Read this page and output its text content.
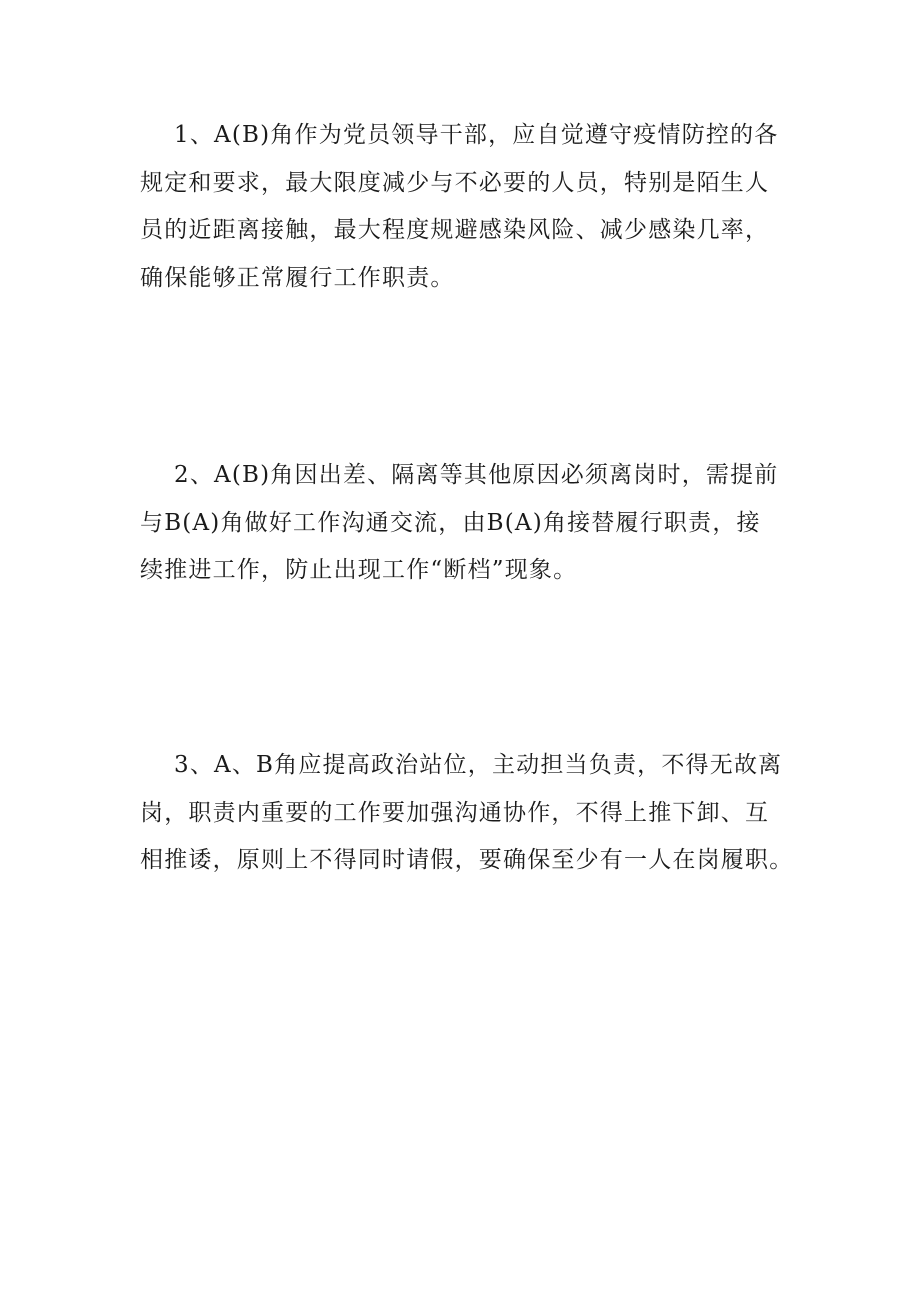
1、A(B)角作为党员领导干部，应自觉遵守疫情防控的各
规定和要求，最大限度减少与不必要的人员，特别是陌生人
员的近距离接触，最大程度规避感染风险、减少感染几率，
确保能够正常履行工作职责。
2、A(B)角因出差、隔离等其他原因必须离岗时，需提前
与B(A)角做好工作沟通交流，由B(A)角接替履行职责，接
续推进工作，防止出现工作“断档”现象。
3、A、B角应提高政治站位，主动担当负责，不得无故离
岗，职责内重要的工作要加强沟通协作，不得上推下卸、互
相推诿，原则上不得同时请假，要确保至少有一人在岗履职。
